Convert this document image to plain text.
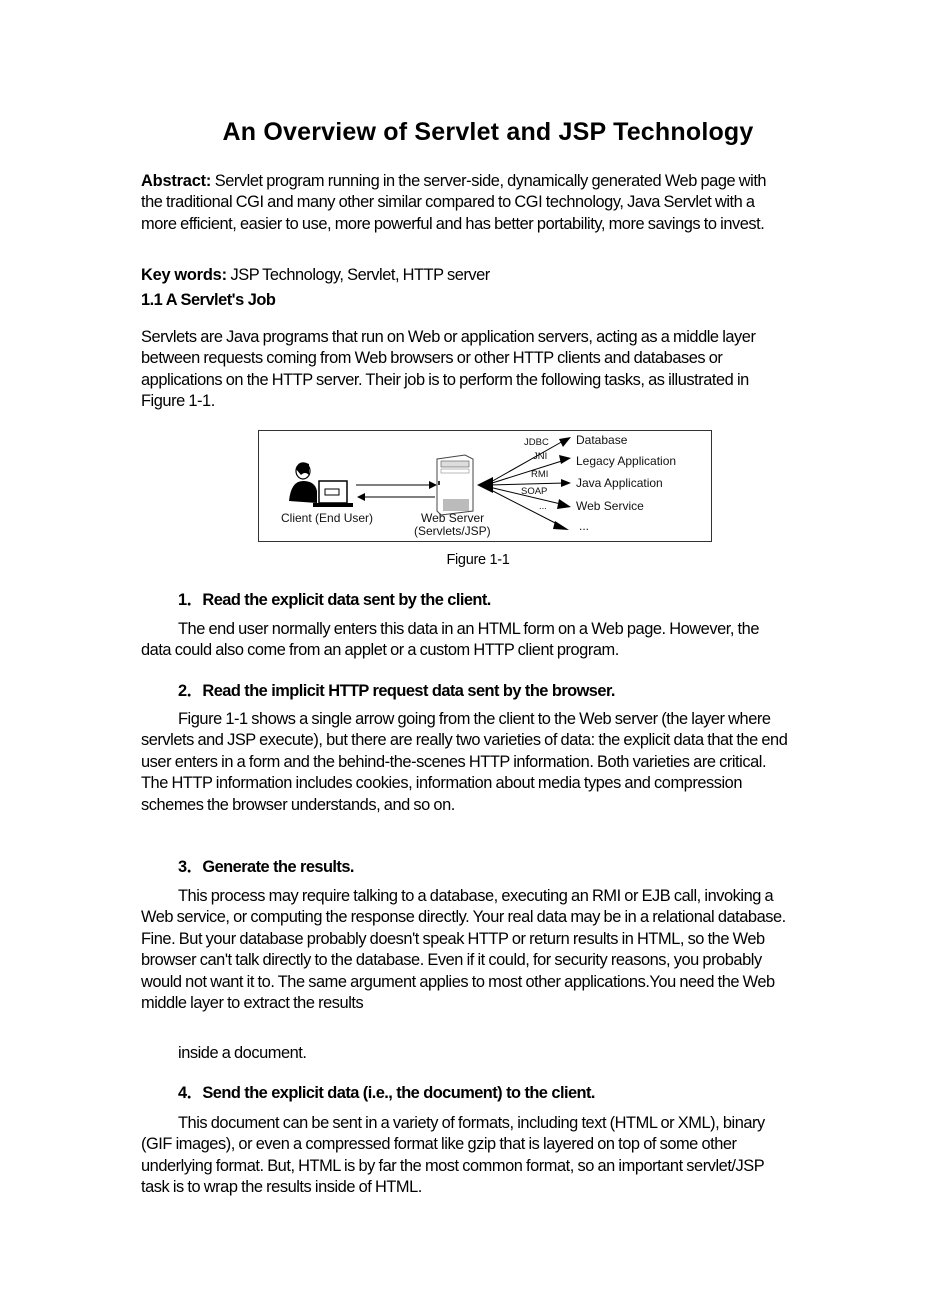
An Overview of Servlet and JSP Technology
Abstract: Servlet program running in the server-side, dynamically generated Web page with the traditional CGI and many other similar compared to CGI technology, Java Servlet with a more efficient, easier to use, more powerful and has better portability, more savings to invest.
Key words: JSP Technology, Servlet, HTTP server
1.1 A Servlet's Job
Servlets are Java programs that run on Web or application servers, acting as a middle layer between requests coming from Web browsers or other HTTP clients and databases or applications on the HTTP server. Their job is to perform the following tasks, as illustrated in Figure 1-1.
Client (End User)	Web Server
(Servlets/JSP)
JDBC
JNI
RMI
SOAP
...
Database
Legacy Application
Java Application
Web Service
...
Figure 1-1
1．Read the explicit data sent by the client.
The end user normally enters this data in an HTML form on a Web page. However, the data could also come from an applet or a custom HTTP client program.
2．Read the implicit HTTP request data sent by the browser.
Figure 1-1 shows a single arrow going from the client to the Web server (the layer where servlets and JSP execute), but there are really two varieties of data: the explicit data that the end user enters in a form and the behind-the-scenes HTTP information. Both varieties are critical. The HTTP information includes cookies, information about media types and compression schemes the browser understands, and so on.
3．Generate the results.
This process may require talking to a database, executing an RMI or EJB call, invoking a Web service, or computing the response directly. Your real data may be in a relational database. Fine. But your database probably doesn't speak HTTP or return results in HTML, so the Web browser can't talk directly to the database. Even if it could, for security reasons, you probably would not want it to. The same argument applies to most other applications.You need the Web middle layer to extract the results
inside a document.
4．Send the explicit data (i.e., the document) to the client.
This document can be sent in a variety of formats, including text (HTML or XML), binary (GIF images), or even a compressed format like gzip that is layered on top of some other underlying format. But, HTML is by far the most common format, so an important servlet/JSP task is to wrap the results inside of HTML.
